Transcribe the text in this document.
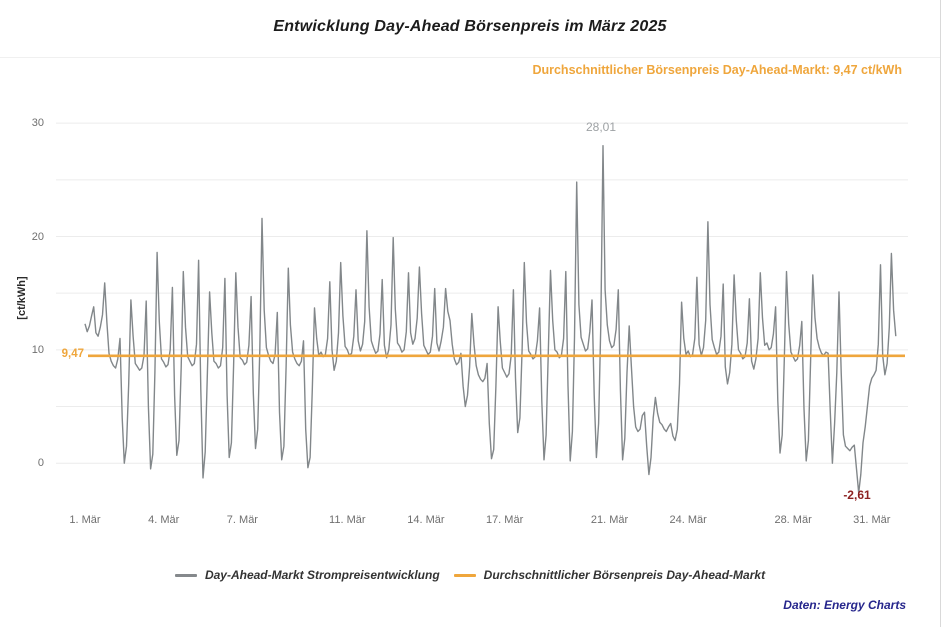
Entwicklung Day-Ahead Börsenpreis im März 2025
Durchschnittlicher Börsenpreis Day-Ahead-Markt: 9,47 ct/kWh
[ct/kWh]
0
10
20
30
1. Mär	4. Mär	7. Mär	11. Mär	14. Mär	17. Mär	21. Mär	24. Mär	28. Mär	31. Mär
28,01
-2,61
9,47
Day-Ahead-Markt Strompreisentwicklung	Durchschnittlicher Börsenpreis Day-Ahead-Markt
Daten: Energy Charts
